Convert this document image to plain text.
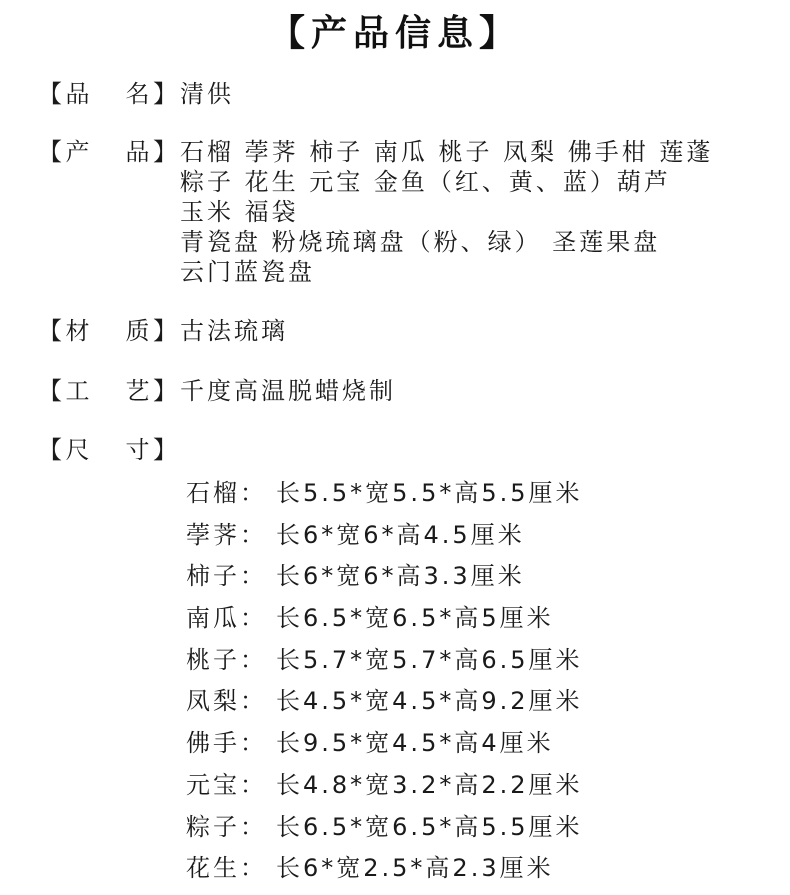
【产品信息】
【 品 名 】 清供
【 产 品 】 石榴 荸荠 柿子 南瓜 桃子 凤梨 佛手柑 莲蓬
粽子 花生 元宝 金鱼（红、黄、蓝）葫芦
玉米 福袋
青瓷盘 粉烧琉璃盘（粉、绿） 圣莲果盘
云门蓝瓷盘
【 材 质 】 古法琉璃
【 工 艺 】 千度高温脱蜡烧制
【 尺 寸 】
石榴： 长5.5*宽5.5*高5.5厘米
荸荠： 长6*宽6*高4.5厘米
柿子： 长6*宽6*高3.3厘米
南瓜： 长6.5*宽6.5*高5厘米
桃子： 长5.7*宽5.7*高6.5厘米
凤梨： 长4.5*宽4.5*高9.2厘米
佛手： 长9.5*宽4.5*高4厘米
元宝： 长4.8*宽3.2*高2.2厘米
粽子： 长6.5*宽6.5*高5.5厘米
花生： 长6*宽2.5*高2.3厘米
